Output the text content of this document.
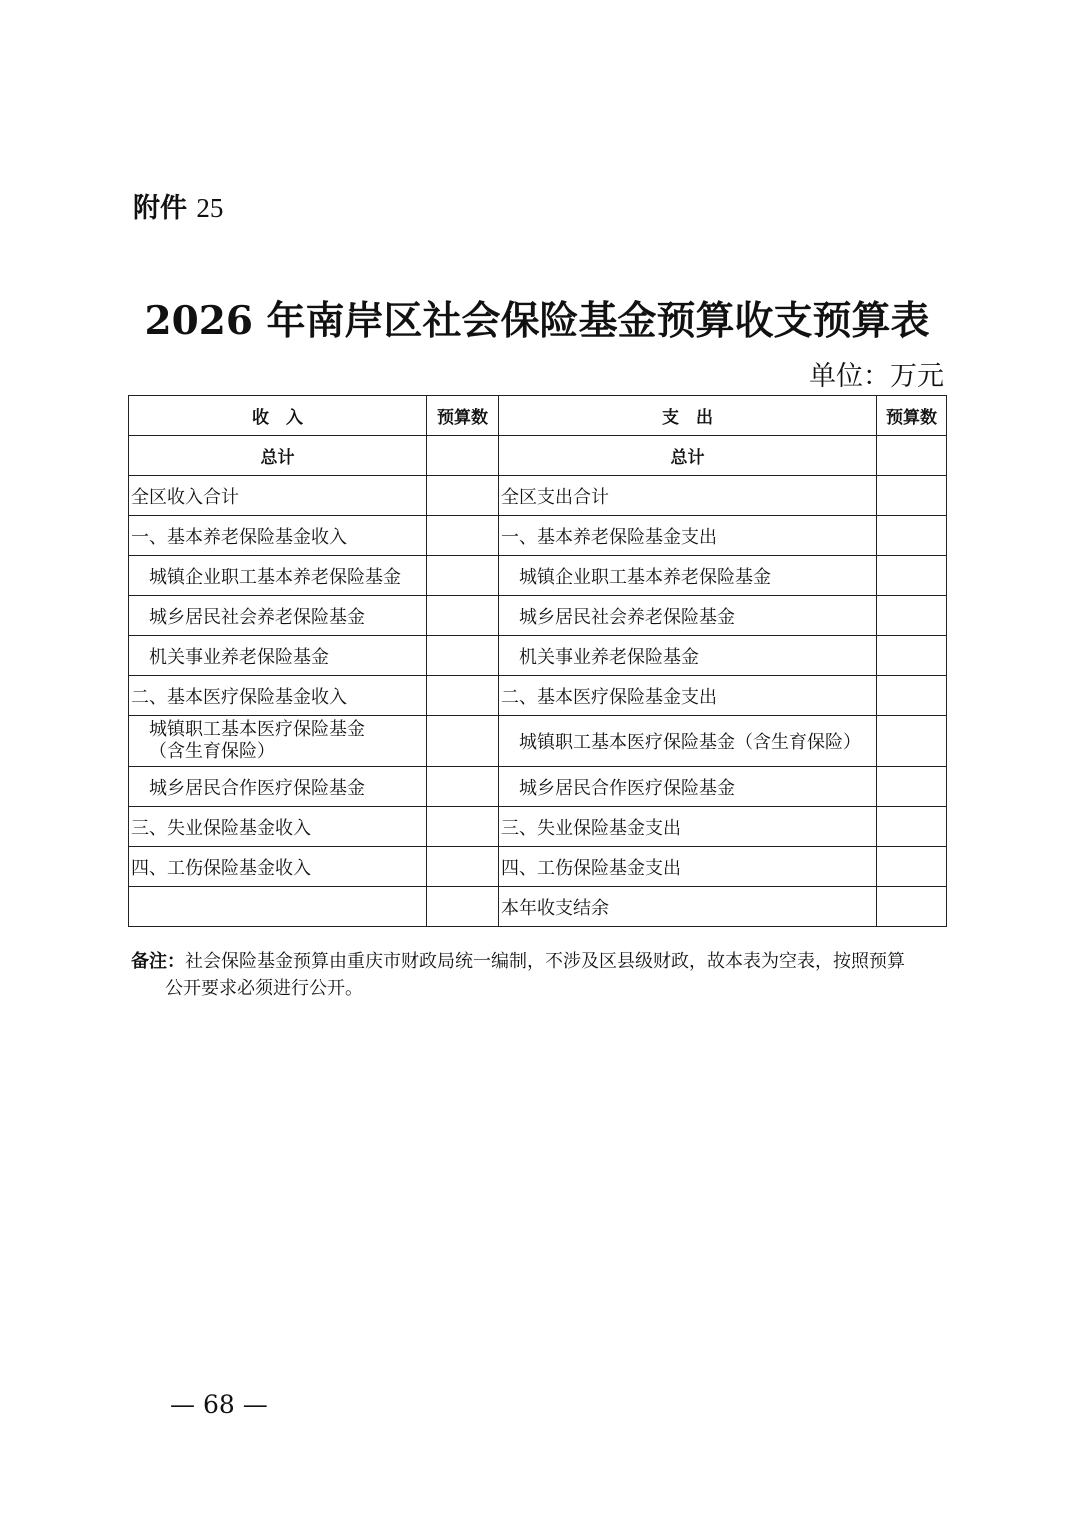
附件 25
2026 年南岸区社会保险基金预算收支预算表
单位：万元
收　入	预算数	支　出	预算数
总计		总计	
全区收入合计		全区支出合计	
一、基本养老保险基金收入		一、基本养老保险基金支出	
城镇企业职工基本养老保险基金		城镇企业职工基本养老保险基金	
城乡居民社会养老保险基金		城乡居民社会养老保险基金	
机关事业养老保险基金		机关事业养老保险基金	
二、基本医疗保险基金收入		二、基本医疗保险基金支出	

城镇职工基本医疗保险基金
（含生育保险）		城镇职工基本医疗保险基金（含生育保险）	
城乡居民合作医疗保险基金		城乡居民合作医疗保险基金	
三、失业保险基金收入		三、失业保险基金支出	
四、工伤保险基金收入		四、工伤保险基金支出	
		本年收支结余	
备注：社会保险基金预算由重庆市财政局统一编制，不涉及区县级财政，故本表为空表，按照预算
公开要求必须进行公开。
— 68 —
